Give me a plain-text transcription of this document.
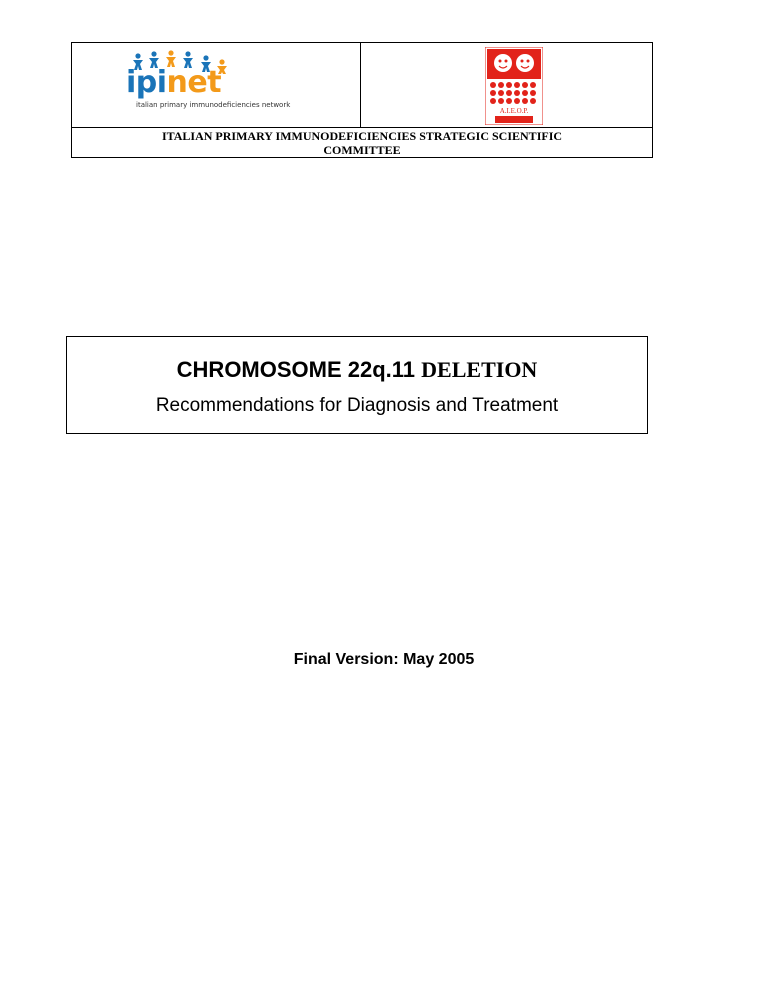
ipinet
italian primary immunodeficiencies network
A.I.E.O.P.
ITALIAN PRIMARY IMMUNODEFICIENCIES STRATEGIC SCIENTIFIC COMMITTEE
CHROMOSOME 22q.11 DELETION
Recommendations for Diagnosis and Treatment
Final Version: May 2005
